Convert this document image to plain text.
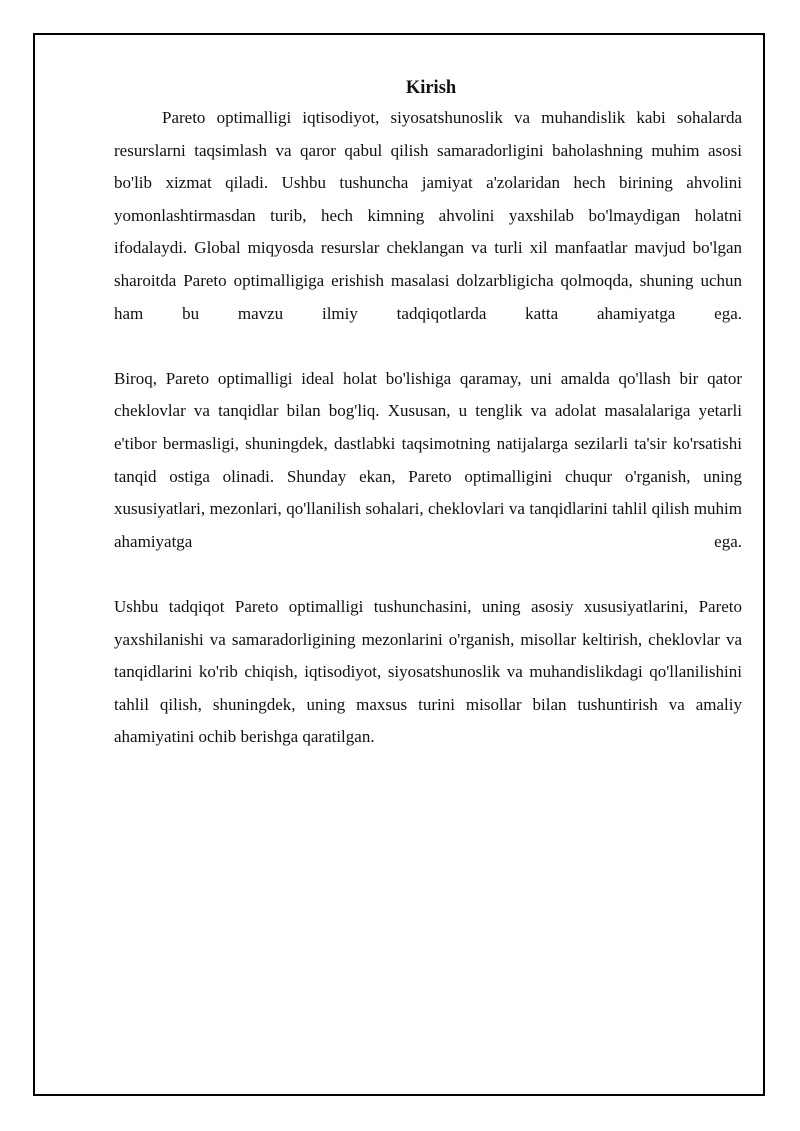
Kirish

Pareto optimalligi iqtisodiyot, siyosatshunoslik va muhandislik kabi sohalarda resurslarni taqsimlash va qaror qabul qilish samaradorligini baholashning muhim asosi bo'lib xizmat qiladi. Ushbu tushuncha jamiyat a'zolaridan hech birining ahvolini yomonlashtirmasdan turib, hech kimning ahvolini yaxshilab bo'lmaydigan holatni ifodalaydi. Global miqyosda resurslar cheklangan va turli xil manfaatlar mavjud bo'lgan sharoitda Pareto optimalligiga erishish masalasi dolzarbligicha qolmoqda, shuning uchun ham bu mavzu ilmiy tadqiqotlarda katta ahamiyatga ega.

Biroq, Pareto optimalligi ideal holat bo'lishiga qaramay, uni amalda qo'llash bir qator cheklovlar va tanqidlar bilan bog'liq. Xususan, u tenglik va adolat masalalariga yetarli e'tibor bermasligi, shuningdek, dastlabki taqsimotning natijalarga sezilarli ta'sir ko'rsatishi tanqid ostiga olinadi. Shunday ekan, Pareto optimalligini chuqur o'rganish, uning xususiyatlari, mezonlari, qo'llanilish sohalari, cheklovlari va tanqidlarini tahlil qilish muhim ahamiyatga ega.

Ushbu tadqiqot Pareto optimalligi tushunchasini, uning asosiy xususiyatlarini, Pareto yaxshilanishi va samaradorligining mezonlarini o'rganish, misollar keltirish, cheklovlar va tanqidlarini ko'rib chiqish, iqtisodiyot, siyosatshunoslik va muhandislikdagi qo'llanilishini tahlil qilish, shuningdek, uning maxsus turini misollar bilan tushuntirish va amaliy ahamiyatini ochib berishga qaratilgan.
